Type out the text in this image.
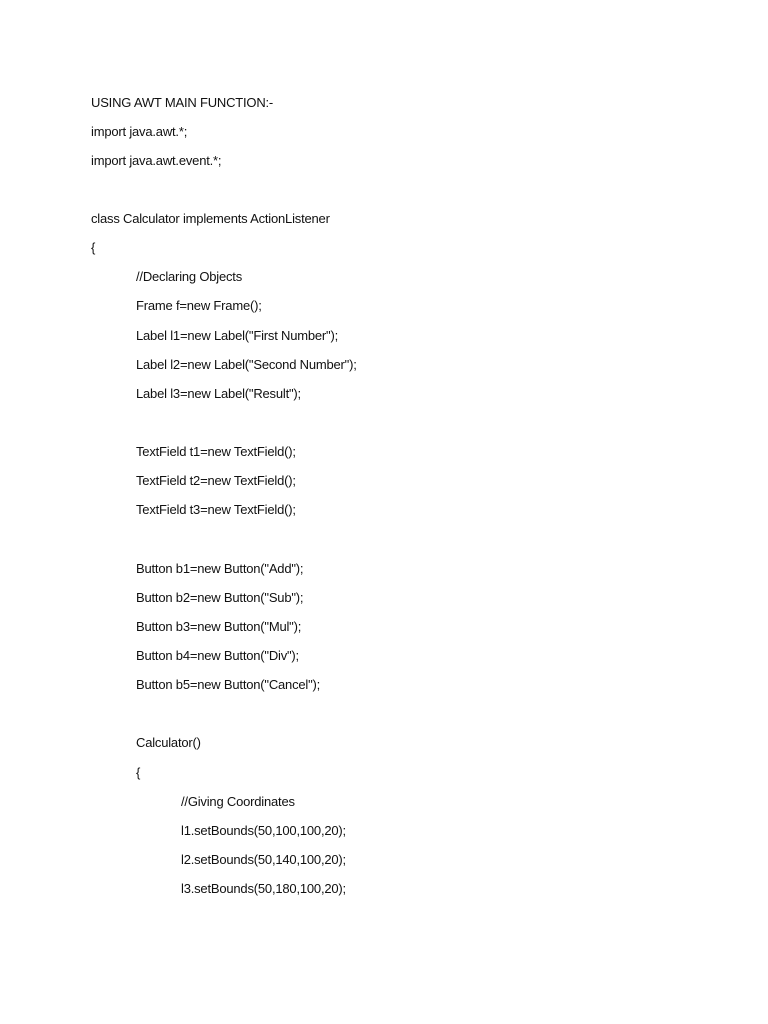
USING AWT MAIN FUNCTION:-
import java.awt.*;
import java.awt.event.*;
class Calculator implements ActionListener
{
//Declaring Objects
Frame f=new Frame();
Label l1=new Label("First Number");
Label l2=new Label("Second Number");
Label l3=new Label("Result");
TextField t1=new TextField();
TextField t2=new TextField();
TextField t3=new TextField();
Button b1=new Button("Add");
Button b2=new Button("Sub");
Button b3=new Button("Mul");
Button b4=new Button("Div");
Button b5=new Button("Cancel");
Calculator()
{
//Giving Coordinates
l1.setBounds(50,100,100,20);
l2.setBounds(50,140,100,20);
l3.setBounds(50,180,100,20);
